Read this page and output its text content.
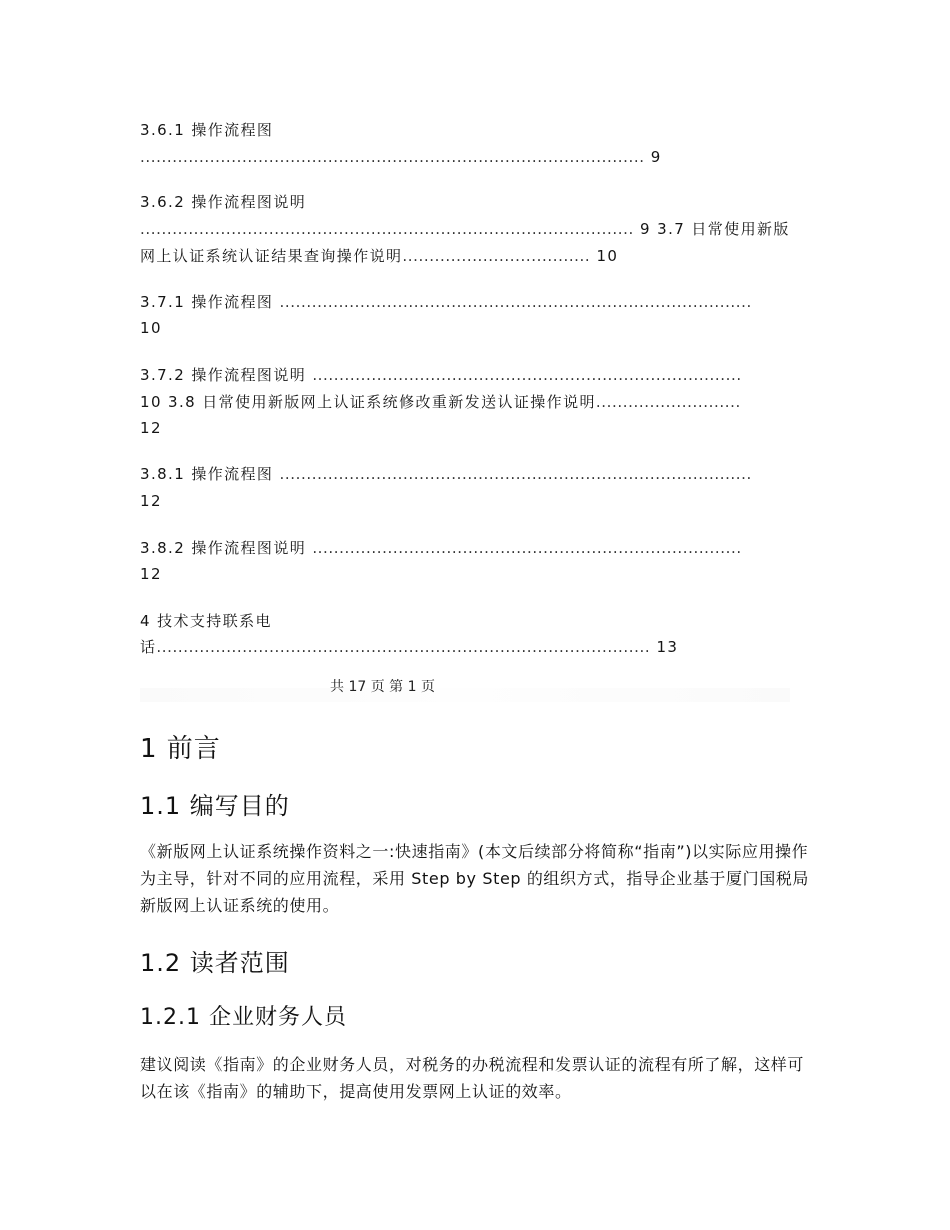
3.6.1 操作流程图
.............................................................................................. 9
3.6.2 操作流程图说明
............................................................................................ 9 3.7 日常使用新版
网上认证系统认证结果查询操作说明................................... 10
3.7.1 操作流程图 ........................................................................................
10
3.7.2 操作流程图说明 ................................................................................
10 3.8 日常使用新版网上认证系统修改重新发送认证操作说明...........................
12
3.8.1 操作流程图 ........................................................................................
12
3.8.2 操作流程图说明 ................................................................................
12
4 技术支持联系电
话............................................................................................ 13
共 17 页 第 1 页
1 前言
1.1 编写目的
《新版网上认证系统操作资料之一:快速指南》(本文后续部分将简称“指南”)以实际应用操作为主导，针对不同的应用流程，采用 Step by Step 的组织方式，指导企业基于厦门国税局新版网上认证系统的使用。
1.2 读者范围
1.2.1 企业财务人员
建议阅读《指南》的企业财务人员，对税务的办税流程和发票认证的流程有所了解，这样可以在该《指南》的辅助下，提高使用发票网上认证的效率。
